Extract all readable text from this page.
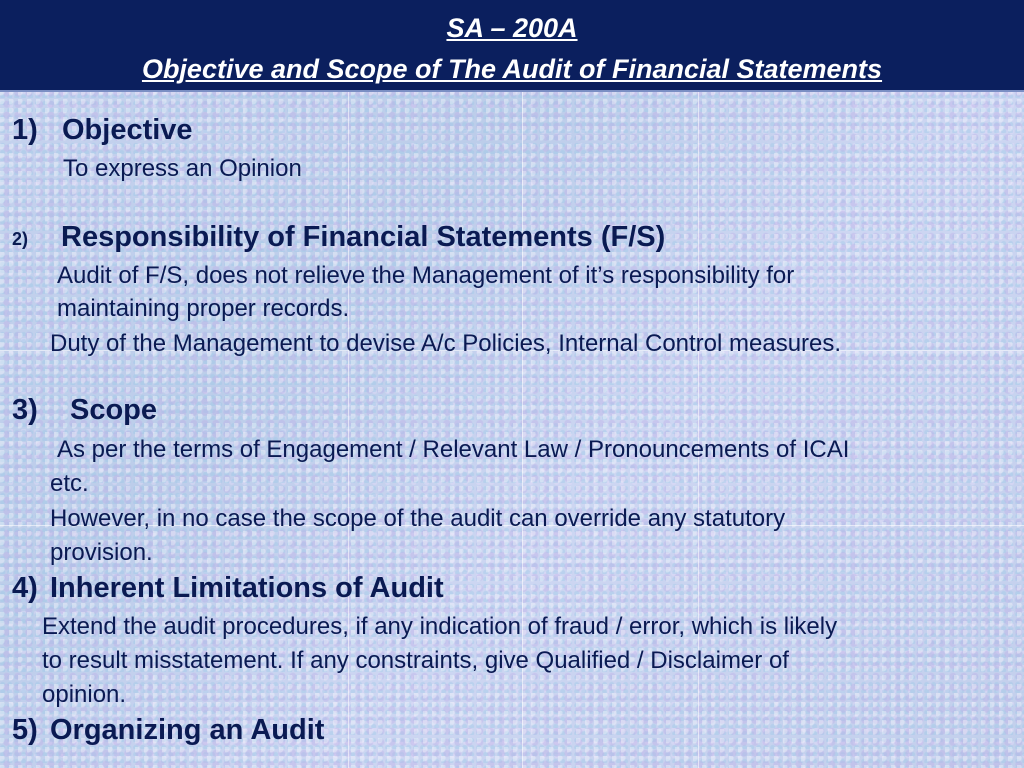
SA – 200A
Objective and Scope of The Audit of Financial Statements
1) Objective
To express an Opinion
2) Responsibility of Financial Statements (F/S)
Audit of F/S, does not relieve the Management of it’s responsibility for
maintaining proper records.
Duty of the Management to devise A/c Policies, Internal Control measures.
3) Scope
As per the terms of Engagement / Relevant Law / Pronouncements of ICAI
etc.
However, in no case the scope of the audit can override any statutory
provision.
4) Inherent Limitations of Audit
Extend the audit procedures, if any indication of fraud / error, which is likely
to result misstatement. If any constraints, give Qualified / Disclaimer of
opinion.
5) Organizing an Audit
